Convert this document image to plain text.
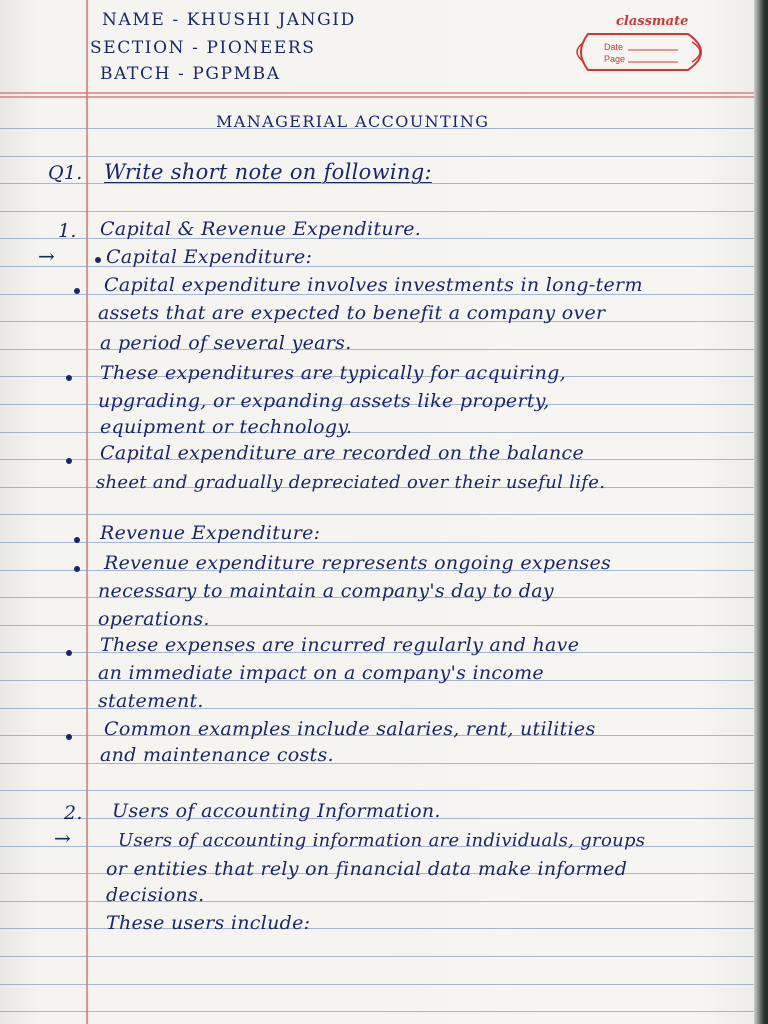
classmate
Date
Page
NAME - KHUSHI JANGID
SECTION - PIONEERS
BATCH - PGPMBA
MANAGERIAL ACCOUNTING
Q1. Write short note on following:
1. Capital & Revenue Expenditure.
→	Capital Expenditure:
Capital expenditure involves investments in long-term
assets that are expected to benefit a company over
a period of several years.
These expenditures are typically for acquiring,
upgrading, or expanding assets like property,
equipment or technology.
Capital expenditure are recorded on the balance
sheet and gradually depreciated over their useful life.
Revenue Expenditure:
Revenue expenditure represents ongoing expenses
necessary to maintain a company's day to day
operations.
These expenses are incurred regularly and have
an immediate impact on a company's income
statement.
Common examples include salaries, rent, utilities
and maintenance costs.
2. Users of accounting Information.
→	Users of accounting information are individuals, groups
or entities that rely on financial data make informed
decisions.
These users include:
